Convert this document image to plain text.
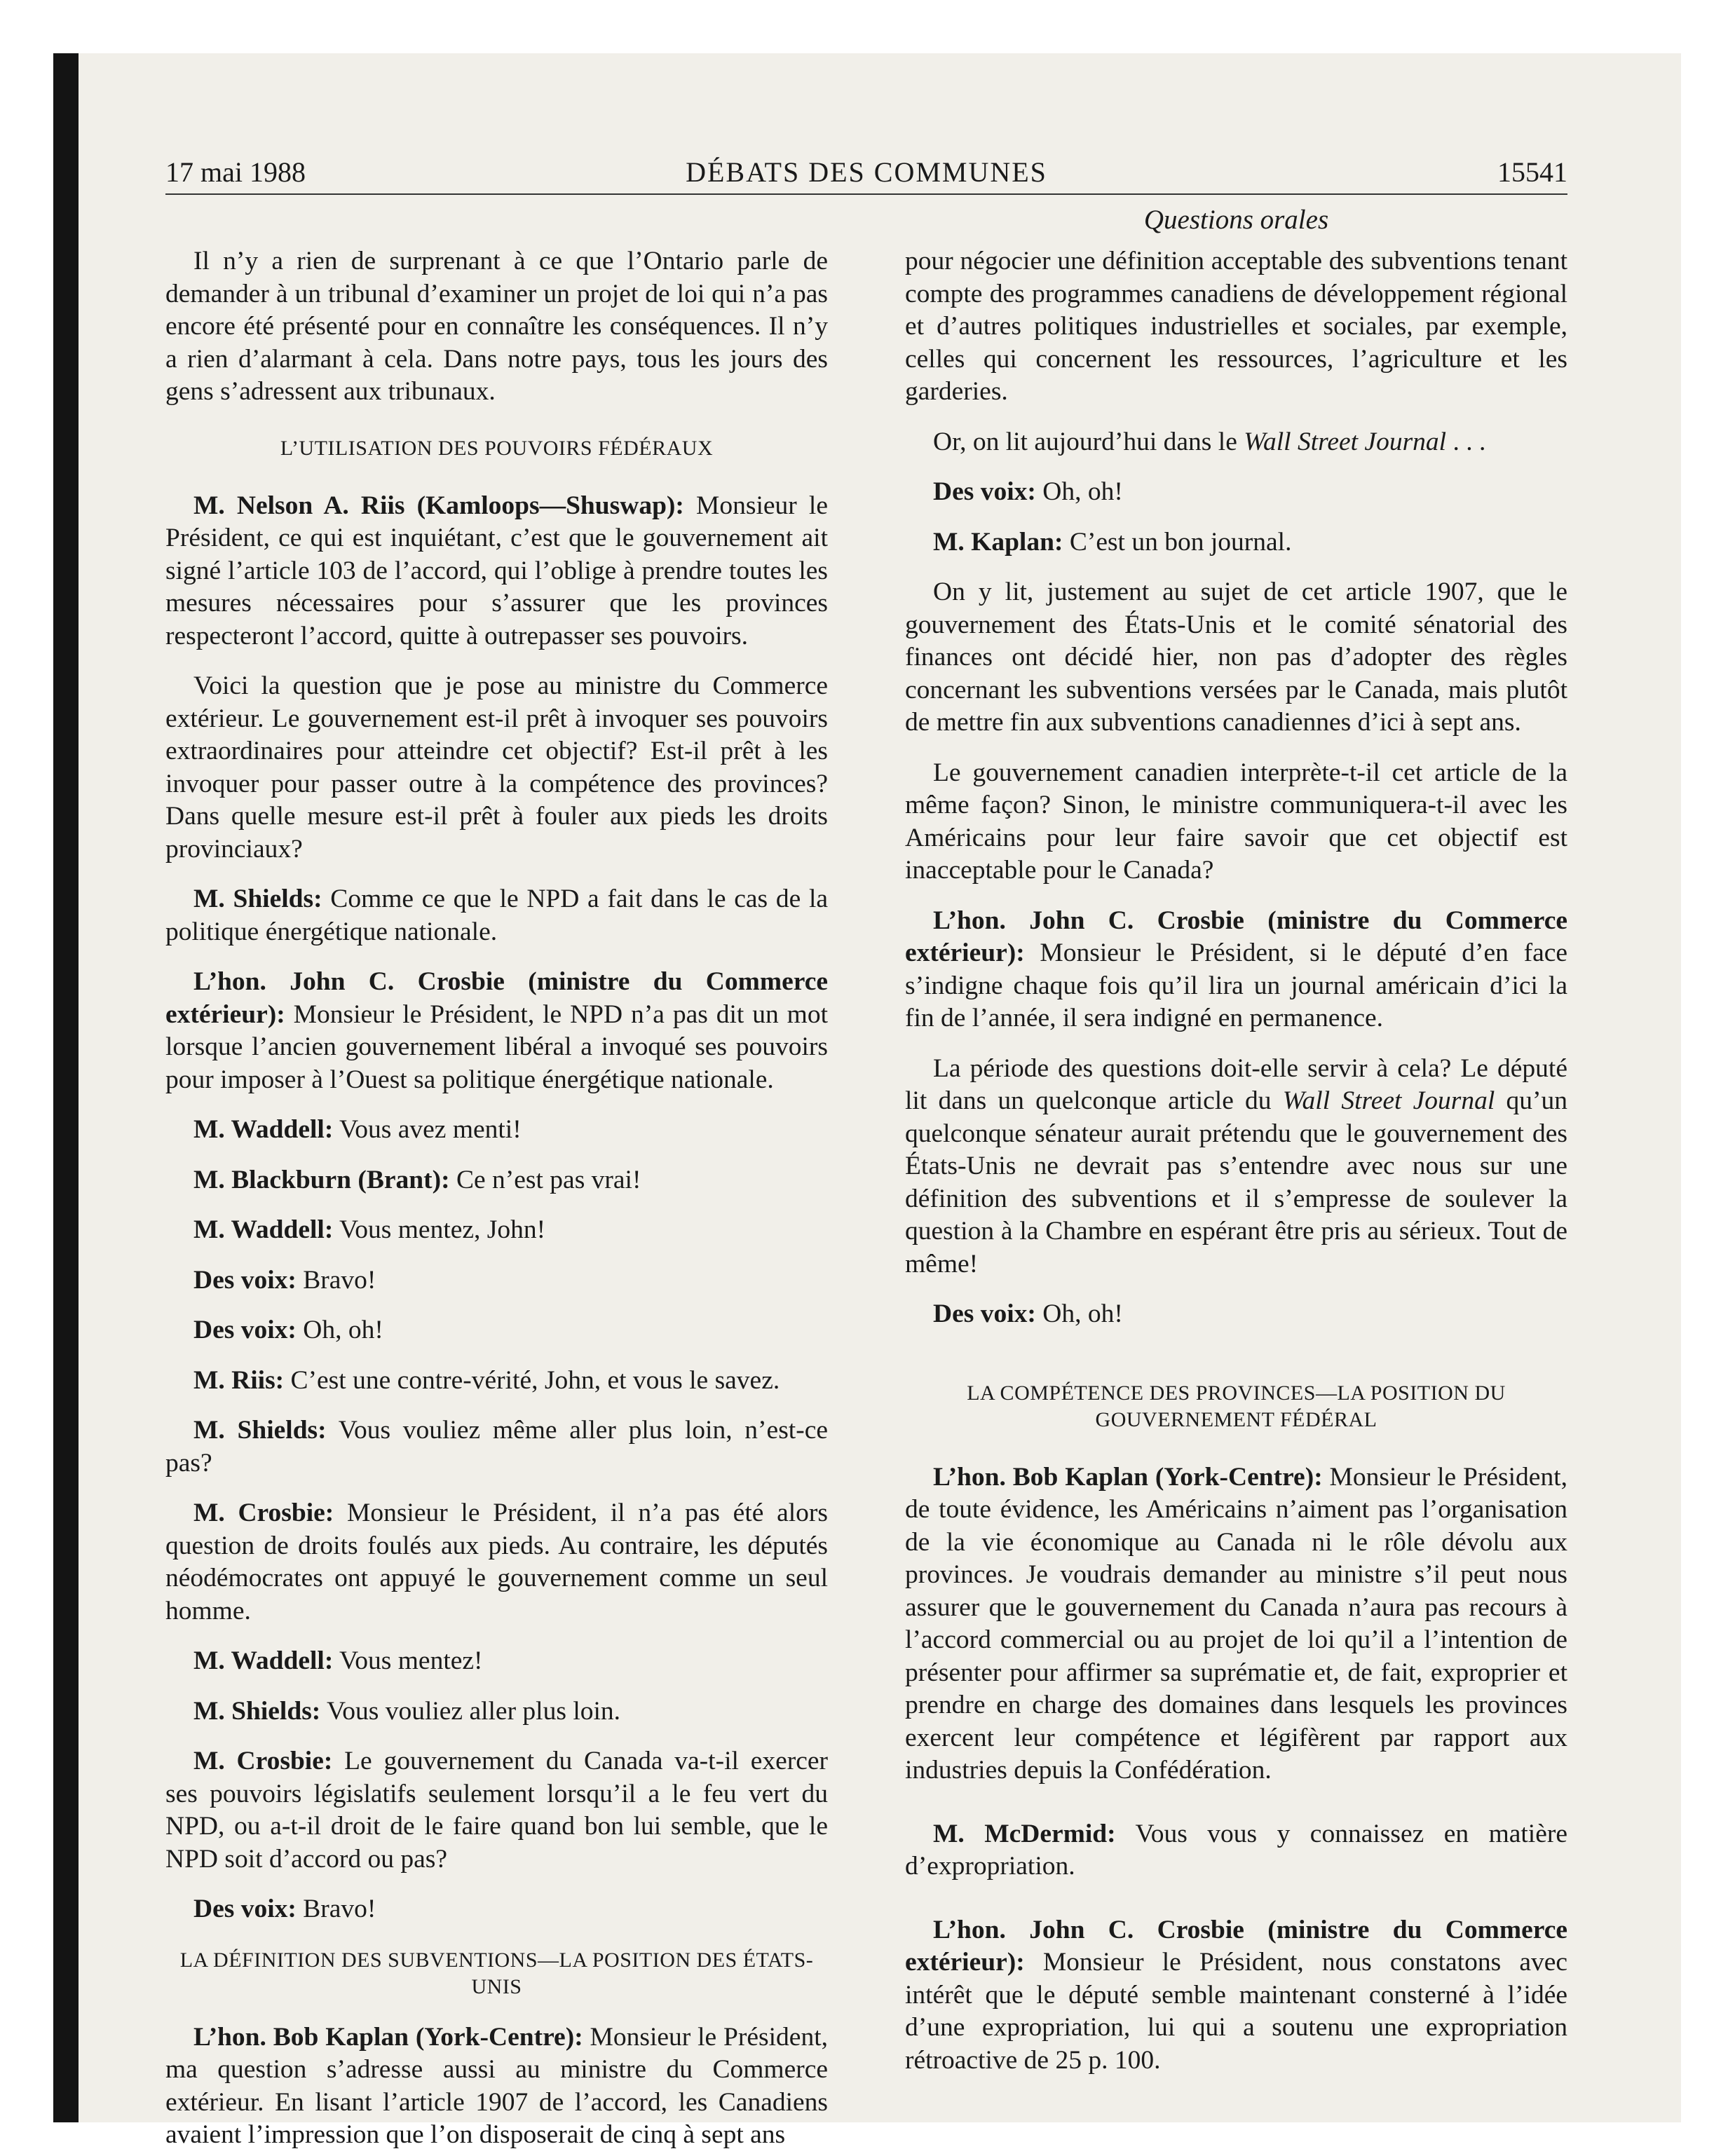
17 mai 1988	DÉBATS DES COMMUNES	15541
Questions orales

Il n’y a rien de surprenant à ce que l’Ontario parle de demander à un tribunal d’examiner un projet de loi qui n’a pas encore été présenté pour en connaître les conséquences. Il n’y a rien d’alarmant à cela. Dans notre pays, tous les jours des gens s’adressent aux tribunaux.

L’UTILISATION DES POUVOIRS FÉDÉRAUX

M. Nelson A. Riis (Kamloops—Shuswap): Monsieur le Président, ce qui est inquiétant, c’est que le gouvernement ait signé l’article 103 de l’accord, qui l’oblige à prendre toutes les mesures nécessaires pour s’assurer que les provinces respecteront l’accord, quitte à outrepasser ses pouvoirs.

Voici la question que je pose au ministre du Commerce extérieur. Le gouvernement est-il prêt à invoquer ses pouvoirs extraordinaires pour atteindre cet objectif? Est-il prêt à les invoquer pour passer outre à la compétence des provinces? Dans quelle mesure est-il prêt à fouler aux pieds les droits provinciaux?

M. Shields: Comme ce que le NPD a fait dans le cas de la politique énergétique nationale.

L’hon. John C. Crosbie (ministre du Commerce extérieur): Monsieur le Président, le NPD n’a pas dit un mot lorsque l’ancien gouvernement libéral a invoqué ses pouvoirs pour imposer à l’Ouest sa politique énergétique nationale.

M. Waddell: Vous avez menti!

M. Blackburn (Brant): Ce n’est pas vrai!

M. Waddell: Vous mentez, John!

Des voix: Bravo!

Des voix: Oh, oh!

M. Riis: C’est une contre-vérité, John, et vous le savez.

M. Shields: Vous vouliez même aller plus loin, n’est-ce pas?

M. Crosbie: Monsieur le Président, il n’a pas été alors question de droits foulés aux pieds. Au contraire, les députés néodémocrates ont appuyé le gouvernement comme un seul homme.

M. Waddell: Vous mentez!

M. Shields: Vous vouliez aller plus loin.

M. Crosbie: Le gouvernement du Canada va-t-il exercer ses pouvoirs législatifs seulement lorsqu’il a le feu vert du NPD, ou a-t-il droit de le faire quand bon lui semble, que le NPD soit d’accord ou pas?

Des voix: Bravo!

LA DÉFINITION DES SUBVENTIONS—LA POSITION DES ÉTATS-UNIS

L’hon. Bob Kaplan (York-Centre): Monsieur le Président, ma question s’adresse aussi au ministre du Commerce extérieur. En lisant l’article 1907 de l’accord, les Canadiens avaient l’impression que l’on disposerait de cinq à sept ans

pour négocier une définition acceptable des subventions tenant compte des programmes canadiens de développement régional et d’autres politiques industrielles et sociales, par exemple, celles qui concernent les ressources, l’agriculture et les garderies.

Or, on lit aujourd’hui dans le Wall Street Journal . . .

Des voix: Oh, oh!

M. Kaplan: C’est un bon journal.

On y lit, justement au sujet de cet article 1907, que le gouvernement des États-Unis et le comité sénatorial des finances ont décidé hier, non pas d’adopter des règles concernant les subventions versées par le Canada, mais plutôt de mettre fin aux subventions canadiennes d’ici à sept ans.

Le gouvernement canadien interprète-t-il cet article de la même façon? Sinon, le ministre communiquera-t-il avec les Américains pour leur faire savoir que cet objectif est inacceptable pour le Canada?

L’hon. John C. Crosbie (ministre du Commerce extérieur): Monsieur le Président, si le député d’en face s’indigne chaque fois qu’il lira un journal américain d’ici la fin de l’année, il sera indigné en permanence.

La période des questions doit-elle servir à cela? Le député lit dans un quelconque article du Wall Street Journal qu’un quelconque sénateur aurait prétendu que le gouvernement des États-Unis ne devrait pas s’entendre avec nous sur une définition des subventions et il s’empresse de soulever la question à la Chambre en espérant être pris au sérieux. Tout de même!

Des voix: Oh, oh!

LA COMPÉTENCE DES PROVINCES—LA POSITION DU GOUVERNEMENT FÉDÉRAL

L’hon. Bob Kaplan (York-Centre): Monsieur le Président, de toute évidence, les Américains n’aiment pas l’organisation de la vie économique au Canada ni le rôle dévolu aux provinces. Je voudrais demander au ministre s’il peut nous assurer que le gouvernement du Canada n’aura pas recours à l’accord commercial ou au projet de loi qu’il a l’intention de présenter pour affirmer sa suprématie et, de fait, exproprier et prendre en charge des domaines dans lesquels les provinces exercent leur compétence et légifèrent par rapport aux industries depuis la Confédération.

M. McDermid: Vous vous y connaissez en matière d’expropriation.

L’hon. John C. Crosbie (ministre du Commerce extérieur): Monsieur le Président, nous constatons avec intérêt que le député semble maintenant consterné à l’idée d’une expropriation, lui qui a soutenu une expropriation rétroactive de 25 p. 100.
